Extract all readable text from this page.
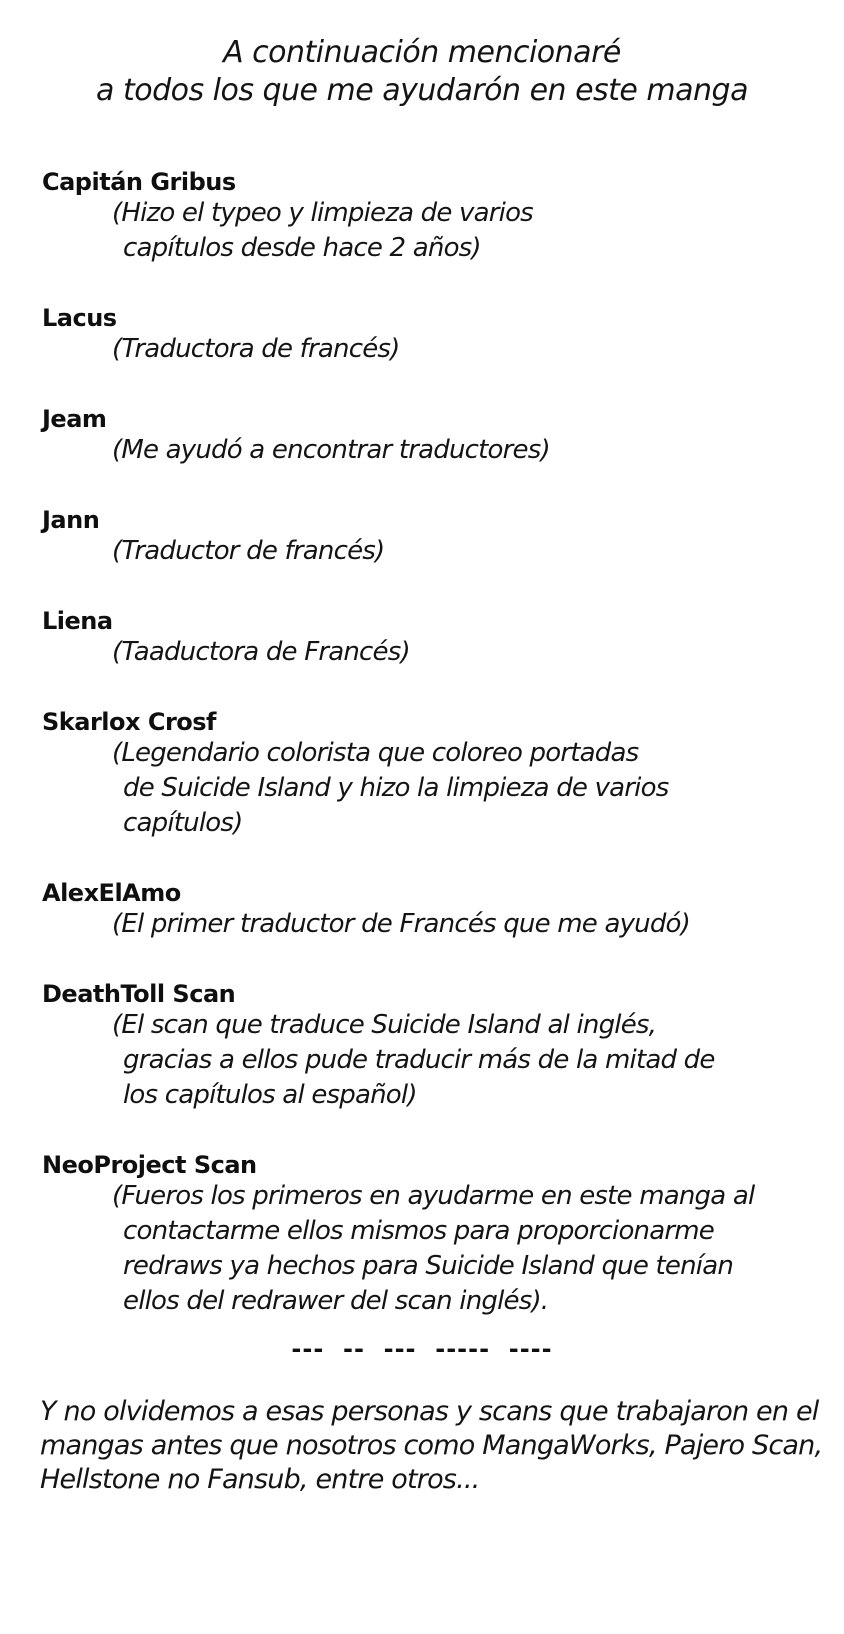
A continuación mencionaré
a todos los que me ayudarón en este manga
Capitán Gribus
(Hizo el typeo y limpieza de varios
capítulos desde hace 2 años)
Lacus
(Traductora de francés)
Jeam
(Me ayudó a encontrar traductores)
Jann
(Traductor de francés)
Liena
(Taaductora de Francés)
Skarlox Crosf
(Legendario colorista que coloreo portadas
de Suicide Island y hizo la limpieza de varios
capítulos)
AlexElAmo
(El primer traductor de Francés que me ayudó)
DeathToll Scan
(El scan que traduce Suicide Island al inglés,
gracias a ellos pude traducir más de la mitad de
los capítulos al español)
NeoProject Scan
(Fueros los primeros en ayudarme en este manga al
contactarme ellos mismos para proporcionarme
redraws ya hechos para Suicide Island que tenían
ellos del redrawer del scan inglés).
---  --  ---  -----  ----
Y no olvidemos a esas personas y scans que trabajaron en el
mangas antes que nosotros como MangaWorks, Pajero Scan,
Hellstone no Fansub, entre otros...
